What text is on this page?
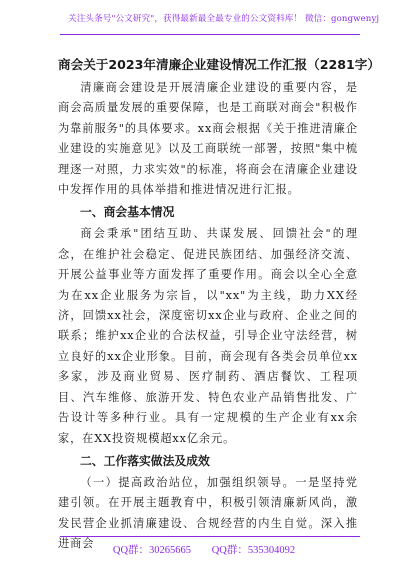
关注头条号"公文研究"，获得最新最全最专业的公文资料库！ 微信：gongwenyj
商会关于2023年清廉企业建设情况工作汇报（2281字）

清廉商会建设是开展清廉企业建设的重要内容，是商会高质量发展的重要保障，也是工商联对商会"积极作为靠前服务"的具体要求。xx商会根据《关于推进清廉企业建设的实施意见》以及工商联统一部署，按照"集中梳理逐一对照，力求实效"的标准，将商会在清廉企业建设中发挥作用的具体举措和推进情况进行汇报。

一、商会基本情况

商会秉承"团结互助、共谋发展、回馈社会"的理念，在维护社会稳定、促进民族团结、加强经济交流、开展公益事业等方面发挥了重要作用。商会以全心全意为在xx企业服务为宗旨，以"xx"为主线，助力XX经济，回馈xx社会，深度密切xx企业与政府、企业之间的联系；维护xx企业的合法权益，引导企业守法经营，树立良好的xx企业形象。目前，商会现有各类会员单位xx多家，涉及商业贸易、医疗制药、酒店餐饮、工程项目、汽车维修、旅游开发、特色农业产品销售批发、广告设计等多种行业。具有一定规模的生产企业有xx余家，在XX投资规模超xx亿余元。

二、工作落实做法及成效

（一）提高政治站位，加强组织领导。一是坚持党建引领。在开展主题教育中，积极引领清廉新风尚，激发民营企业抓清廉建设、合规经营的内生自觉。深入推进商会

QQ群：30265665 QQ群：535304092
